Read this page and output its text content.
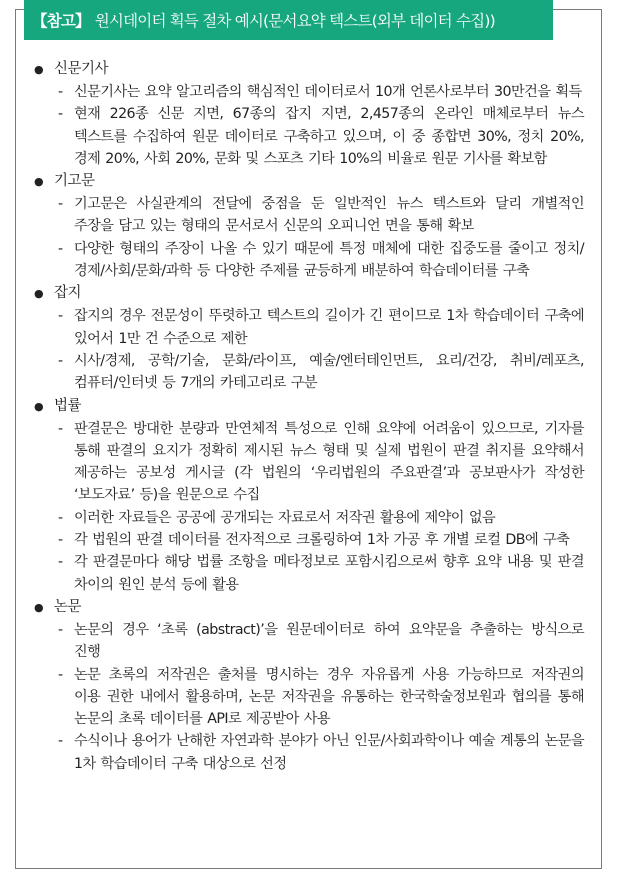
【참고】 원시데이터 획득 절차 예시(문서요약 텍스트(외부 데이터 수집))
● 신문기사
- 신문기사는 요약 알고리즘의 핵심적인 데이터로서 10개 언론사로부터 30만건을 획득
- 현재 226종 신문 지면, 67종의 잡지 지면, 2,457종의 온라인 매체로부터 뉴스 텍스트를 수집하여 원문 데이터로 구축하고 있으며, 이 중 종합면 30%, 정치 20%, 경제 20%, 사회 20%, 문화 및 스포츠 기타 10%의 비율로 원문 기사를 확보함
● 기고문
- 기고문은 사실관계의 전달에 중점을 둔 일반적인 뉴스 텍스트와 달리 개별적인 주장을 담고 있는 형태의 문서로서 신문의 오피니언 면을 통해 확보
- 다양한 형태의 주장이 나올 수 있기 때문에 특정 매체에 대한 집중도를 줄이고 정치/경제/사회/문화/과학 등 다양한 주제를 균등하게 배분하여 학습데이터를 구축
● 잡지
- 잡지의 경우 전문성이 뚜렷하고 텍스트의 길이가 긴 편이므로 1차 학습데이터 구축에 있어서 1만 건 수준으로 제한
- 시사/경제, 공학/기술, 문화/라이프, 예술/엔터테인먼트, 요리/건강, 취비/레포츠, 컴퓨터/인터넷 등 7개의 카테고리로 구분
● 법률
- 판결문은 방대한 분량과 만연체적 특성으로 인해 요약에 어려움이 있으므로, 기자를 통해 판결의 요지가 정확히 제시된 뉴스 형태 및 실제 법원이 판결 취지를 요약해서 제공하는 공보성 게시글 (각 법원의 ‘우리법원의 주요판결’과 공보판사가 작성한 ‘보도자료’ 등)을 원문으로 수집
- 이러한 자료들은 공공에 공개되는 자료로서 저작권 활용에 제약이 없음
- 각 법원의 판결 데이터를 전자적으로 크롤링하여 1차 가공 후 개별 로컬 DB에 구축
- 각 판결문마다 해당 법률 조항을 메타정보로 포함시킴으로써 향후 요약 내용 및 판결 차이의 원인 분석 등에 활용
● 논문
- 논문의 경우 ‘초록 (abstract)’을 원문데이터로 하여 요약문을 추출하는 방식으로 진행
- 논문 초록의 저작권은 출처를 명시하는 경우 자유롭게 사용 가능하므로 저작권의 이용 권한 내에서 활용하며, 논문 저작권을 유통하는 한국학술정보원과 협의를 통해 논문의 초록 데이터를 API로 제공받아 사용
- 수식이나 용어가 난해한 자연과학 분야가 아닌 인문/사회과학이나 예술 계통의 논문을 1차 학습데이터 구축 대상으로 선정
